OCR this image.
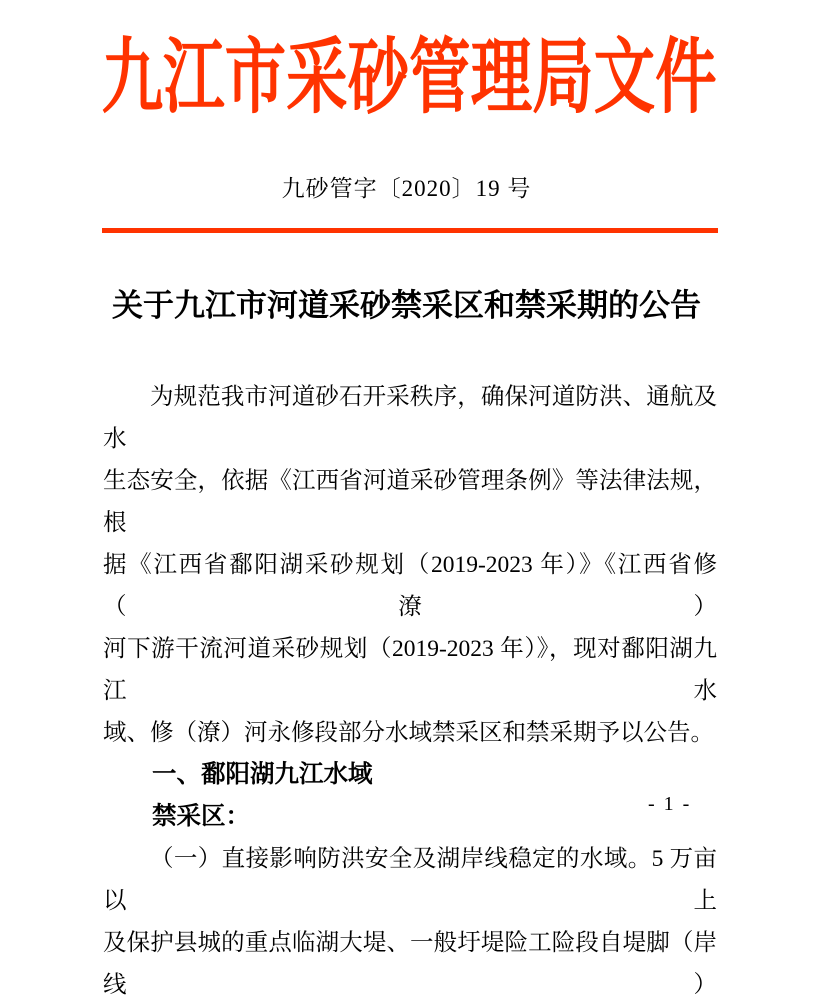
九江市采砂管理局文件
九砂管字〔2020〕19 号
关于九江市河道采砂禁采区和禁采期的公告
为规范我市河道砂石开采秩序，确保河道防洪、通航及水
生态安全，依据《江西省河道采砂管理条例》等法律法规，根
据《江西省鄱阳湖采砂规划（2019-2023 年）》《江西省修（潦）
河下游干流河道采砂规划（2019-2023 年）》，现对鄱阳湖九江水
域、修（潦）河永修段部分水域禁采区和禁采期予以公告。
一、鄱阳湖九江水域
禁采区：
（一）直接影响防洪安全及湖岸线稳定的水域。5 万亩以上
及保护县城的重点临湖大堤、一般圩堤险工险段自堤脚（岸线）
- 1 -
